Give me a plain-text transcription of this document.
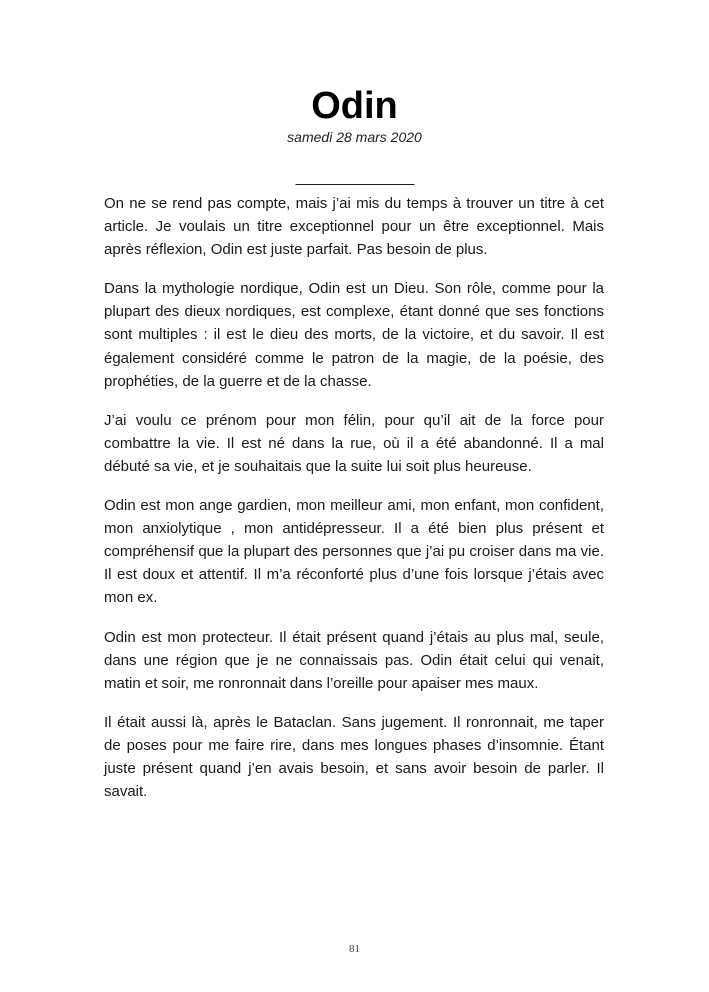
Odin
samedi 28 mars 2020
________________

On ne se rend pas compte, mais j’ai mis du temps à trouver un titre à cet article. Je voulais un titre exceptionnel pour un être exceptionnel. Mais après réflexion, Odin est juste parfait. Pas besoin de plus.

Dans la mythologie nordique, Odin est un Dieu. Son rôle, comme pour la plupart des dieux nordiques, est complexe, étant donné que ses fonctions sont multiples : il est le dieu des morts, de la victoire, et du savoir. Il est également considéré comme le patron de la magie, de la poésie, des prophéties, de la guerre et de la chasse.

J’ai voulu ce prénom pour mon félin, pour qu’il ait de la force pour combattre la vie. Il est né dans la rue, où il a été abandonné. Il a mal débuté sa vie, et je souhaitais que la suite lui soit plus heureuse.

Odin est mon ange gardien, mon meilleur ami, mon enfant, mon confident, mon anxiolytique , mon antidépresseur. Il a été bien plus présent et compréhensif que la plupart des personnes que j’ai pu croiser dans ma vie. Il est doux et attentif. Il m’a réconforté plus d’une fois lorsque j’étais avec mon ex.

Odin est mon protecteur. Il était présent quand j’étais au plus mal, seule, dans une région que je ne connaissais pas. Odin était celui qui venait, matin et soir, me ronronnait dans l’oreille pour apaiser mes maux.

Il était aussi là, après le Bataclan. Sans jugement. Il ronronnait, me taper de poses pour me faire rire, dans mes longues phases d’insomnie. Étant juste présent quand j’en avais besoin, et sans avoir besoin de parler. Il savait.

81
